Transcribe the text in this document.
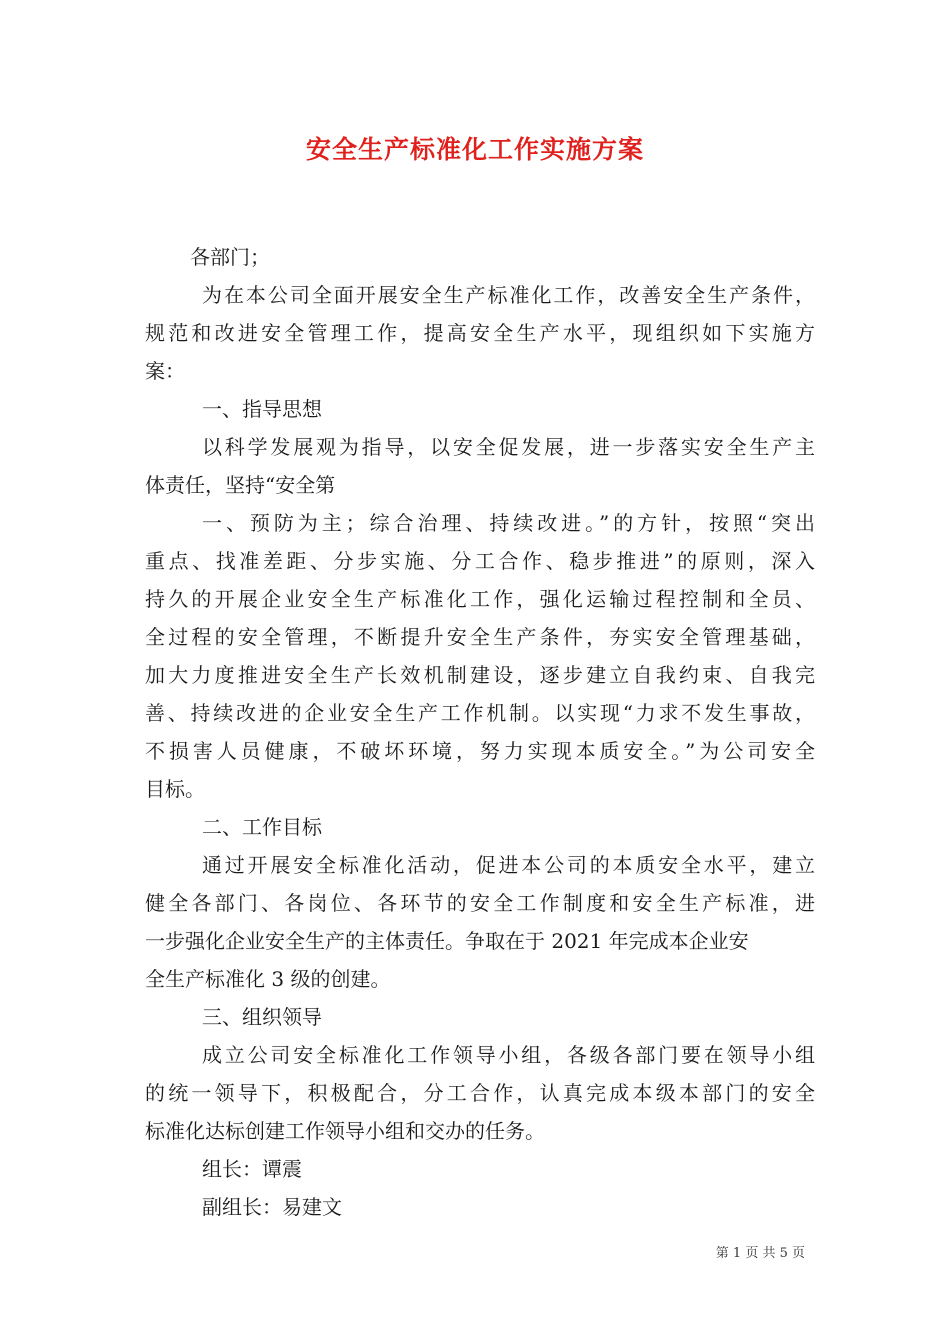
安全生产标准化工作实施方案
各部门；
为在本公司全面开展安全生产标准化工作，改善安全生产条件，
规范和改进安全管理工作，提高安全生产水平，现组织如下实施方
案：
一、指导思想
以科学发展观为指导，以安全促发展，进一步落实安全生产主
体责任，坚持“安全第
一、预防为主；综合治理、持续改进。”的方针，按照“突出
重点、找准差距、分步实施、分工合作、稳步推进”的原则，深入
持久的开展企业安全生产标准化工作，强化运输过程控制和全员、
全过程的安全管理，不断提升安全生产条件，夯实安全管理基础，
加大力度推进安全生产长效机制建设，逐步建立自我约束、自我完
善、持续改进的企业安全生产工作机制。以实现“力求不发生事故，
不损害人员健康，不破坏环境，努力实现本质安全。”为公司安全
目标。
二、工作目标
通过开展安全标准化活动，促进本公司的本质安全水平，建立
健全各部门、各岗位、各环节的安全工作制度和安全生产标准，进
一步强化企业安全生产的主体责任。争取在于 2021 年完成本企业安
全生产标准化 3 级的创建。
三、组织领导
成立公司安全标准化工作领导小组，各级各部门要在领导小组
的统一领导下，积极配合，分工合作，认真完成本级本部门的安全
标准化达标创建工作领导小组和交办的任务。
组长：谭震
副组长：易建文
第 1 页 共 5 页
